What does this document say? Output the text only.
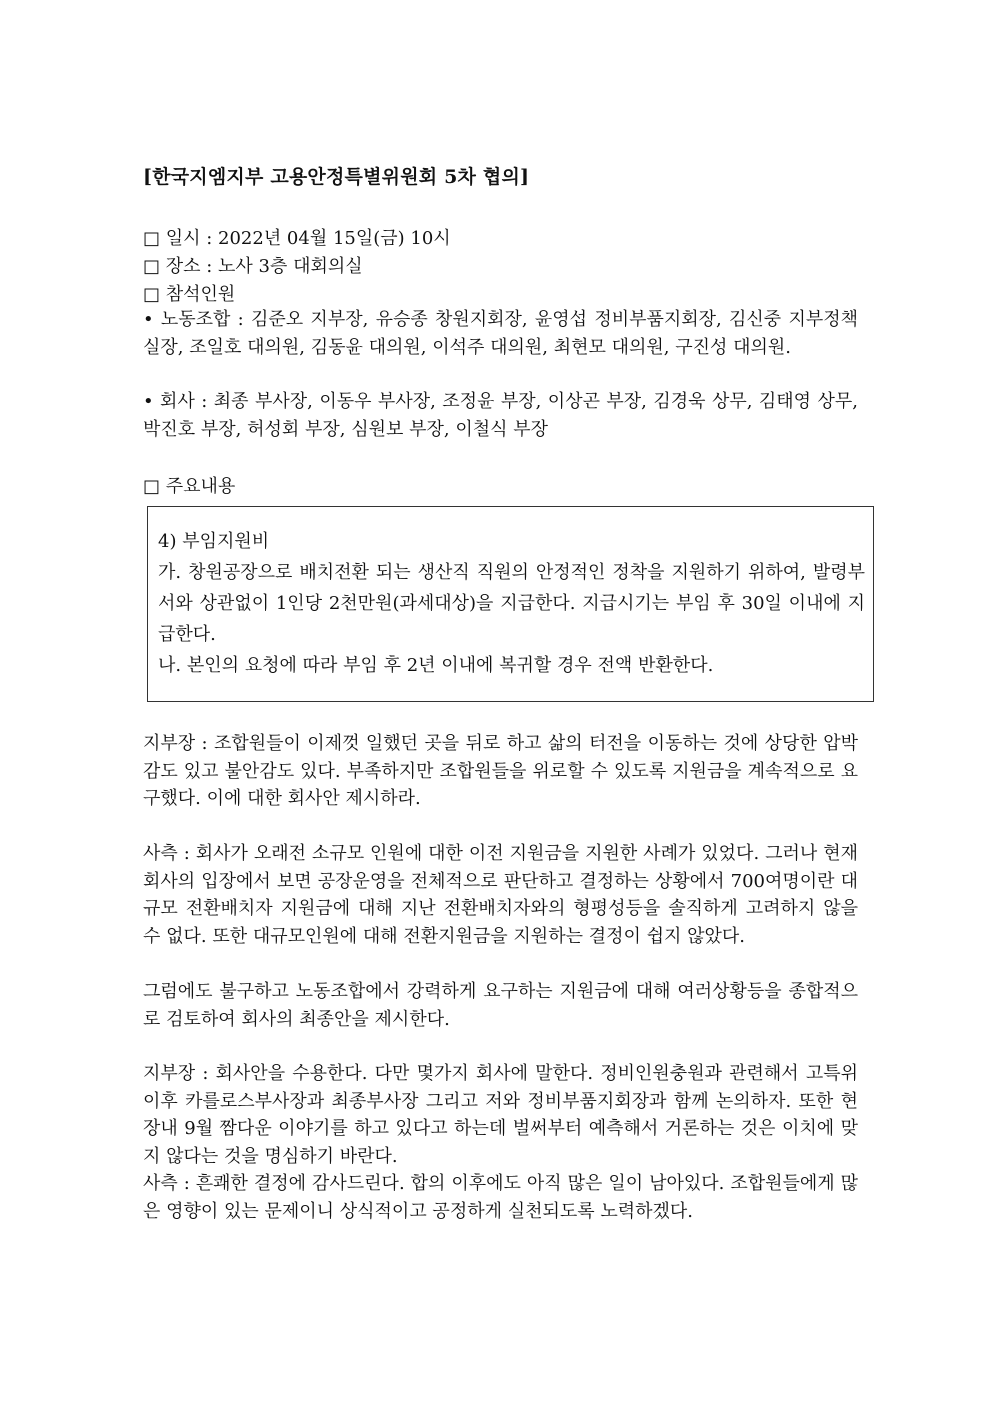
[한국지엠지부 고용안정특별위원회 5차 협의]
□ 일시 : 2022년 04월 15일(금) 10시
□ 장소 : 노사 3층 대회의실
□ 참석인원
• 노동조합 : 김준오 지부장, 유승종 창원지회장, 윤영섭 정비부품지회장, 김신중 지부정책실장, 조일호 대의원, 김동윤 대의원, 이석주 대의원, 최현모 대의원, 구진성 대의원.
• 회사 : 최종 부사장, 이동우 부사장, 조정윤 부장, 이상곤 부장, 김경욱 상무, 김태영 상무, 박진호 부장, 허성회 부장, 심원보 부장, 이철식 부장
□ 주요내용
4) 부임지원비
가. 창원공장으로 배치전환 되는 생산직 직원의 안정적인 정착을 지원하기 위하여, 발령부서와 상관없이 1인당 2천만원(과세대상)을 지급한다. 지급시기는 부임 후 30일 이내에 지급한다.
나. 본인의 요청에 따라 부임 후 2년 이내에 복귀할 경우 전액 반환한다.
지부장 : 조합원들이 이제껏 일했던 곳을 뒤로 하고 삶의 터전을 이동하는 것에 상당한 압박감도 있고 불안감도 있다. 부족하지만 조합원들을 위로할 수 있도록 지원금을 계속적으로 요구했다. 이에 대한 회사안 제시하라.
사측 : 회사가 오래전 소규모 인원에 대한 이전 지원금을 지원한 사례가 있었다. 그러나 현재 회사의 입장에서 보면 공장운영을 전체적으로 판단하고 결정하는 상황에서 700여명이란 대규모 전환배치자 지원금에 대해 지난 전환배치자와의 형평성등을 솔직하게 고려하지 않을 수 없다. 또한 대규모인원에 대해 전환지원금을 지원하는 결정이 쉽지 않았다.
그럼에도 불구하고 노동조합에서 강력하게 요구하는 지원금에 대해 여러상황등을 종합적으로 검토하여 회사의 최종안을 제시한다.
지부장 : 회사안을 수용한다. 다만 몇가지 회사에 말한다. 정비인원충원과 관련해서 고특위 이후 카를로스부사장과 최종부사장 그리고 저와 정비부품지회장과 함께 논의하자. 또한 현장내 9월 짬다운 이야기를 하고 있다고 하는데 벌써부터 예측해서 거론하는 것은 이치에 맞지 않다는 것을 명심하기 바란다.
사측 : 흔쾌한 결정에 감사드린다. 합의 이후에도 아직 많은 일이 남아있다. 조합원들에게 많은 영향이 있는 문제이니 상식적이고 공정하게 실천되도록 노력하겠다.
